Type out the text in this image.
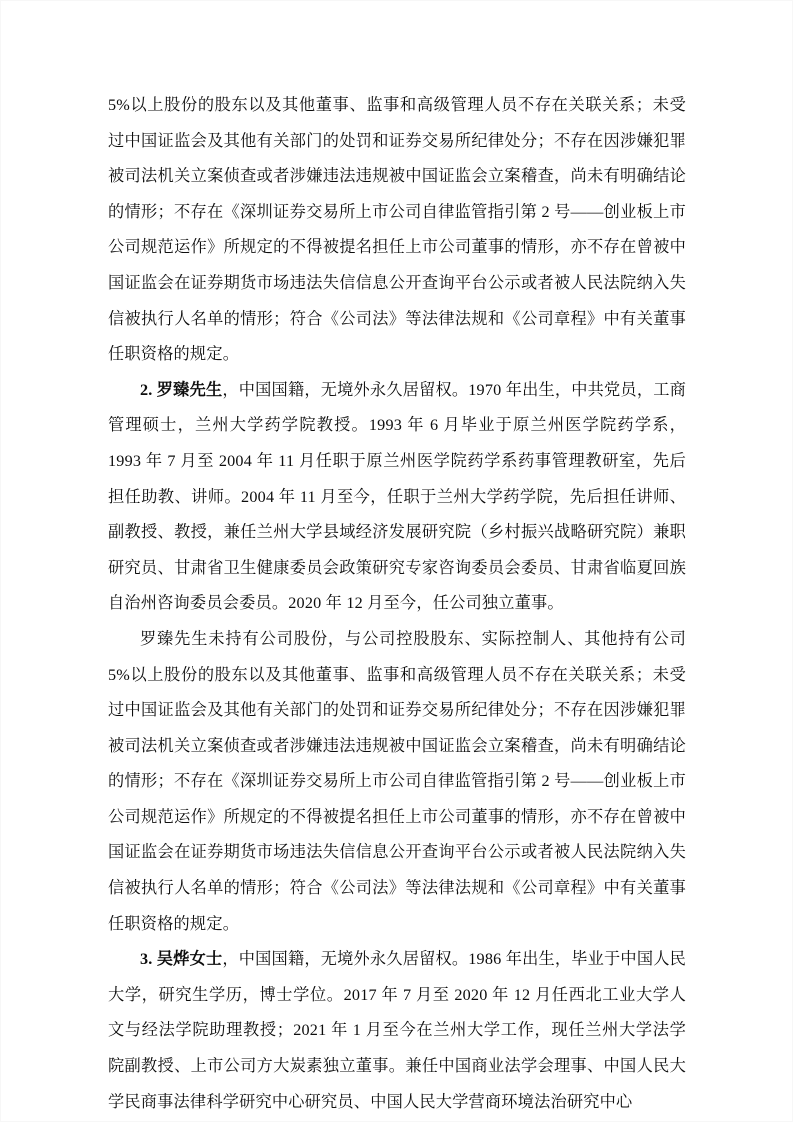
5%以上股份的股东以及其他董事、监事和高级管理人员不存在关联关系；未受过中国证监会及其他有关部门的处罚和证券交易所纪律处分；不存在因涉嫌犯罪被司法机关立案侦查或者涉嫌违法违规被中国证监会立案稽查，尚未有明确结论的情形；不存在《深圳证券交易所上市公司自律监管指引第 2 号——创业板上市公司规范运作》所规定的不得被提名担任上市公司董事的情形，亦不存在曾被中国证监会在证券期货市场违法失信信息公开查询平台公示或者被人民法院纳入失信被执行人名单的情形；符合《公司法》等法律法规和《公司章程》中有关董事任职资格的规定。

2. 罗臻先生，中国国籍，无境外永久居留权。1970 年出生，中共党员，工商管理硕士，兰州大学药学院教授。1993 年 6 月毕业于原兰州医学院药学系，1993 年 7 月至 2004 年 11 月任职于原兰州医学院药学系药事管理教研室，先后担任助教、讲师。2004 年 11 月至今，任职于兰州大学药学院，先后担任讲师、副教授、教授，兼任兰州大学县域经济发展研究院（乡村振兴战略研究院）兼职研究员、甘肃省卫生健康委员会政策研究专家咨询委员会委员、甘肃省临夏回族自治州咨询委员会委员。2020 年 12 月至今，任公司独立董事。

罗臻先生未持有公司股份，与公司控股股东、实际控制人、其他持有公司 5%以上股份的股东以及其他董事、监事和高级管理人员不存在关联关系；未受过中国证监会及其他有关部门的处罚和证券交易所纪律处分；不存在因涉嫌犯罪被司法机关立案侦查或者涉嫌违法违规被中国证监会立案稽查，尚未有明确结论的情形；不存在《深圳证券交易所上市公司自律监管指引第 2 号——创业板上市公司规范运作》所规定的不得被提名担任上市公司董事的情形，亦不存在曾被中国证监会在证券期货市场违法失信信息公开查询平台公示或者被人民法院纳入失信被执行人名单的情形；符合《公司法》等法律法规和《公司章程》中有关董事任职资格的规定。

3. 吴烨女士，中国国籍，无境外永久居留权。1986 年出生，毕业于中国人民大学，研究生学历，博士学位。2017 年 7 月至 2020 年 12 月任西北工业大学人文与经法学院助理教授；2021 年 1 月至今在兰州大学工作，现任兰州大学法学院副教授、上市公司方大炭素独立董事。兼任中国商业法学会理事、中国人民大学民商事法律科学研究中心研究员、中国人民大学营商环境法治研究中心
